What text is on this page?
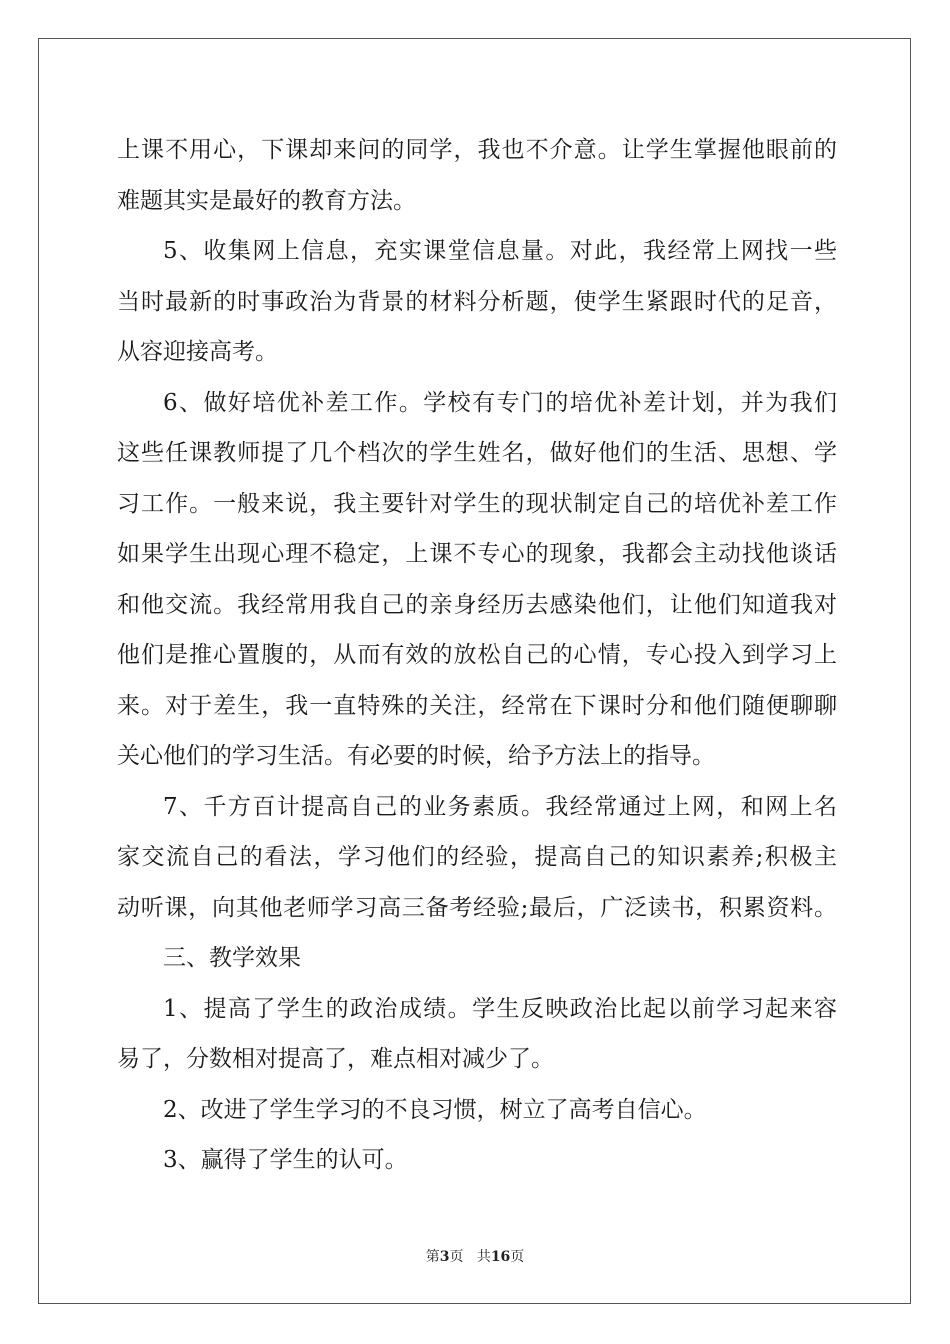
上课不用心，下课却来问的同学，我也不介意。让学生掌握他眼前的
难题其实是最好的教育方法。
5、收集网上信息，充实课堂信息量。对此，我经常上网找一些
当时最新的时事政治为背景的材料分析题，使学生紧跟时代的足音，
从容迎接高考。
6、做好培优补差工作。学校有专门的培优补差计划，并为我们
这些任课教师提了几个档次的学生姓名，做好他们的生活、思想、学
习工作。一般来说，我主要针对学生的现状制定自己的培优补差工作
如果学生出现心理不稳定，上课不专心的现象，我都会主动找他谈话
和他交流。我经常用我自己的亲身经历去感染他们，让他们知道我对
他们是推心置腹的，从而有效的放松自己的心情，专心投入到学习上
来。对于差生，我一直特殊的关注，经常在下课时分和他们随便聊聊
关心他们的学习生活。有必要的时候，给予方法上的指导。
7、千方百计提高自己的业务素质。我经常通过上网，和网上名
家交流自己的看法，学习他们的经验，提高自己的知识素养;积极主
动听课，向其他老师学习高三备考经验;最后，广泛读书，积累资料。
三、教学效果
1、提高了学生的政治成绩。学生反映政治比起以前学习起来容
易了，分数相对提高了，难点相对减少了。
2、改进了学生学习的不良习惯，树立了高考自信心。
3、赢得了学生的认可。
第3页 共16页
